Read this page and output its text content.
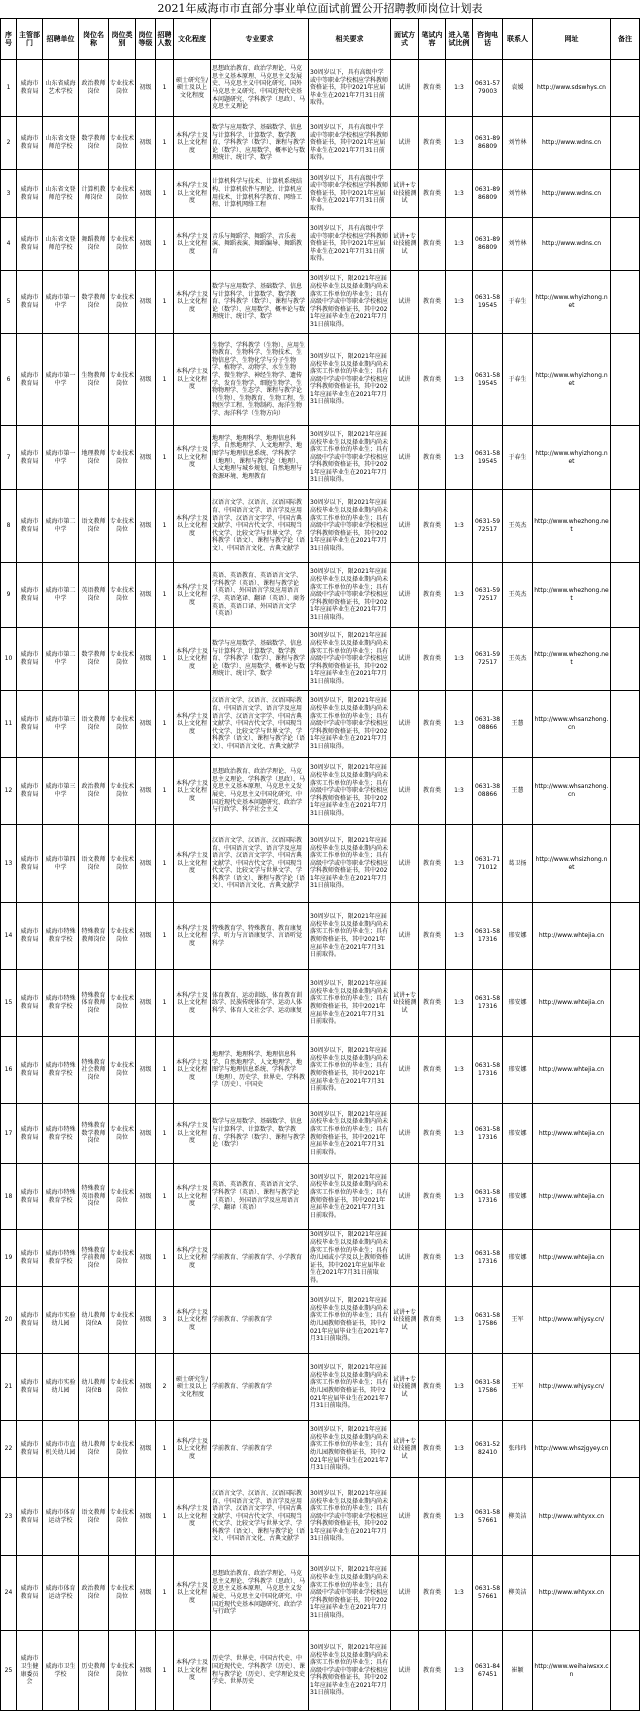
2021年威海市市直部分事业单位面试前置公开招聘教师岗位计划表
序号	主管部门	招聘单位	岗位名称	岗位类别	岗位等级	招聘人数	文化程度	专业要求	相关要求	面试方式	笔试内容	进入笔试比例	咨询电话	联系人	网址	备注

1	威海市教育局	山东省威海艺术学校	政治教师岗位	专业技术岗位	初级	1	硕士研究生/硕士及以上文化程度	思想政治教育、政治学理论、马克思主义基本原理、马克思主义发展史、马克思主义中国化研究、国外马克思主义研究、中国近现代史基本问题研究、学科教学（思政）、马克思主义理论	30周岁以下，具有高级中学或中等职业学校相应学科教师资格证书，其中2021年应届毕业生在2021年7月31日前取得。	试讲	教育类	1:3	0631-5779003	袁媛	http://www.sdswhys.cn	

2	威海市教育局	山东省文登师范学校	数学教师岗位	专业技术岗位	初级	1	本科/学士及以上文化程度	数学与应用数学、基础数学、信息与计算科学、计算数学、数学教育、学科教学（数学）、课程与教学论（数学）、应用数学、概率论与数理统计、统计学、数学	30周岁以下，具有高级中学或中等职业学校相应学科教师资格证书，其中2021年应届毕业生在2021年7月31日前取得。	试讲	教育类	1:3	0631-8986809	刘竹林	http://www.wdns.cn	

3	威海市教育局	山东省文登师范学校	计算机教师岗位	专业技术岗位	初级	1	本科/学士及以上文化程度	计算机科学与技术、计算机系统结构、计算机软件与理论、计算机应用技术、计算机科学教育、网络工程、计算机网络工程	30周岁以下，具有高级中学或中等职业学校相应学科教师资格证书，其中2021年应届毕业生在2021年7月31日前取得。	试讲+专业技能测试	教育类	1:3	0631-8986809	刘竹林	http://www.wdns.cn	

4	威海市教育局	山东省文登师范学校	舞蹈教师岗位	专业技术岗位	初级	1	本科/学士及以上文化程度	音乐与舞蹈学、舞蹈学、音乐表演、舞蹈表演、舞蹈编导、舞蹈教育	30周岁以下，具有高级中学或中等职业学校相应学科教师资格证书，其中2021年应届毕业生在2021年7月31日前取得。	试讲+专业技能测试	教育类	1:3	0631-8986809	刘竹林	http://www.wdns.cn	

5	威海市教育局	威海市第一中学	数学教师岗位	专业技术岗位	初级	1	本科/学士及以上文化程度	数学与应用数学、基础数学、信息与计算科学、计算数学、数学教育、学科教学（数学）、课程与教学论（数学）、应用数学、概率论与数理统计、统计学、数学	30周岁以下，限2021年应届高校毕业生以及择业期内尚未落实工作单位的毕业生；具有高级中学或中等职业学校相应学科教师资格证书，其中2021年应届毕业生在2021年7月31日前取得。	试讲	教育类	1:3	0631-5819545	于春生	http://www.whyizhong.net	

6	威海市教育局	威海市第一中学	生物教师岗位	专业技术岗位	初级	1	本科/学士及以上文化程度	生物学、学科教学（生物）、应用生物教育、生物科学、生物技术、生物信息学、生物化学与分子生物学、植物学、动物学、水生生物学、微生物学、神经生物学、遗传学、发育生物学、细胞生物学、生物物理学、生态学、课程与教学论（生物）、生物教育、生物工程、生物医学工程、生物制药、海洋生物学、海洋科学（生物方向）	30周岁以下，限2021年应届高校毕业生以及择业期内尚未落实工作单位的毕业生；具有高级中学或中等职业学校相应学科教师资格证书，其中2021年应届毕业生在2021年7月31日前取得。	试讲	教育类	1:3	0631-5819545	于春生	http://www.whyizhong.net	

7	威海市教育局	威海市第一中学	地理教师岗位	专业技术岗位	初级	1	本科/学士及以上文化程度	地理学、地理科学、地理信息科学、自然地理学、人文地理学、地图学与地理信息系统、学科教学（地理）、课程与教学论（地理）、人文地理与城乡规划、自然地理与资源环境、地理教育	30周岁以下，限2021年应届高校毕业生以及择业期内尚未落实工作单位的毕业生；具有高级中学或中等职业学校相应学科教师资格证书，其中2021年应届毕业生在2021年7月31日前取得。	试讲	教育类	1:3	0631-5819545	于春生	http://www.whyizhong.net	

8	威海市教育局	威海市第二中学	语文教师岗位	专业技术岗位	初级	1	本科/学士及以上文化程度	汉语言文学、汉语言、汉语国际教育、中国语言文学、语言学及应用语言学、汉语言文字学、中国古典文献学、中国古代文学、中国现当代文学、比较文学与世界文学、学科教学（语文）、课程与教学论（语文）、中国语言文化、古典文献学	30周岁以下，限2021年应届高校毕业生以及择业期内尚未落实工作单位的毕业生；具有高级中学或中等职业学校相应学科教师资格证书，其中2021年应届毕业生在2021年7月31日前取得。	试讲	教育类	1:3	0631-5972517	王英杰	http://www.whezhong.net	

9	威海市教育局	威海市第二中学	英语教师岗位	专业技术岗位	初级	1	本科/学士及以上文化程度	英语、英语教育、英语语言文学、学科教学（英语）、课程与教学论（英语）、外国语言学及应用语言学、英语笔译、翻译（英语）、商务英语、英语口译、外国语言文学（英语）	30周岁以下，限2021年应届高校毕业生以及择业期内尚未落实工作单位的毕业生；具有高级中学或中等职业学校相应学科教师资格证书，其中2021年应届毕业生在2021年7月31日前取得。	试讲	教育类	1:3	0631-5972517	王英杰	http://www.whezhong.net	

10	威海市教育局	威海市第二中学	数学教师岗位	专业技术岗位	初级	1	本科/学士及以上文化程度	数学与应用数学、基础数学、信息与计算科学、计算数学、数学教育、学科教学（数学）、课程与教学论（数学）、应用数学、概率论与数理统计、统计学、数学	30周岁以下，限2021年应届高校毕业生以及择业期内尚未落实工作单位的毕业生；具有高级中学或中等职业学校相应学科教师资格证书，其中2021年应届毕业生在2021年7月31日前取得。	试讲	教育类	1:3	0631-5972517	王英杰	http://www.whezhong.net	

11	威海市教育局	威海市第三中学	语文教师岗位	专业技术岗位	初级	1	本科/学士及以上文化程度	汉语言文学、汉语言、汉语国际教育、中国语言文学、语言学及应用语言学、汉语言文字学、中国古典文献学、中国古代文学、中国现当代文学、比较文学与世界文学、学科教学（语文）、课程与教学论（语文）、中国语言文化、古典文献学	30周岁以下，限2021年应届高校毕业生以及择业期内尚未落实工作单位的毕业生；具有高级中学或中等职业学校相应学科教师资格证书，其中2021年应届毕业生在2021年7月31日前取得。	试讲	教育类	1:3	0631-3808866	王慧	http://www.whsanzhong.cn	

12	威海市教育局	威海市第三中学	政治教师岗位	专业技术岗位	初级	1	本科/学士及以上文化程度	思想政治教育、政治学理论、马克思主义理论、学科教学（思政）、马克思主义基本原理、马克思主义发展史、马克思主义中国化研究、中国近现代史基本问题研究、政治学与行政学、科学社会主义	30周岁以下，限2021年应届高校毕业生以及择业期内尚未落实工作单位的毕业生；具有高级中学或中等职业学校相应学科教师资格证书，其中2021年应届毕业生在2021年7月31日前取得。	试讲	教育类	1:3	0631-3808866	王慧	http://www.whsanzhong.cn	

13	威海市教育局	威海市第四中学	语文教师岗位	专业技术岗位	初级	1	本科/学士及以上文化程度	汉语言文学、汉语言、汉语国际教育、中国语言文学、语言学及应用语言学、汉语言文字学、中国古典文献学、中国古代文学、中国现当代文学、比较文学与世界文学、学科教学（语文）、课程与教学论（语文）、中国语言文化、古典文献学	30周岁以下，限2021年应届高校毕业生以及择业期内尚未落实工作单位的毕业生；具有高级中学或中等职业学校相应学科教师资格证书，其中2021年应届毕业生在2021年7月31日前取得。	试讲	教育类	1:3	0631-7171012	葛卫扬	http://www.whsizhong.net	

14	威海市教育局	威海市特殊教育学校	特殊教育教师岗位	专业技术岗位	初级	1	本科/学士及以上文化程度	特殊教育学、特殊教育、教育康复学、听力与言语康复学、言语听觉科学	30周岁以下，限2021年应届高校毕业生以及择业期内尚未落实工作单位的毕业生；具有教师资格证书，其中2021年应届毕业生在2021年7月31日前取得。	试讲	教育类	1:3	0631-5817316	邢安娜	http://www.whtejia.cn	

15	威海市教育局	威海市特殊教育学校	特殊教育体育教师岗位	专业技术岗位	初级	1	本科/学士及以上文化程度	体育教育、运动训练、体育教育训练学、民族传统体育学、运动人体科学、体育人文社会学、运动康复	30周岁以下，限2021年应届高校毕业生以及择业期内尚未落实工作单位的毕业生；具有教师资格证书，其中2021年应届毕业生在2021年7月31日前取得。	试讲+专业技能测试	教育类	1:3	0631-5817316	邢安娜	http://www.whtejia.cn	

16	威海市教育局	威海市特殊教育学校	特殊教育社会教师岗位	专业技术岗位	初级	1	本科/学士及以上文化程度	地理学、地理科学、地理信息科学、自然地理学、人文地理学、地图学与地理信息系统、学科教学（地理）、历史学、世界史、学科教学（历史）、中国史	30周岁以下，限2021年应届高校毕业生以及择业期内尚未落实工作单位的毕业生；具有教师资格证书，其中2021年应届毕业生在2021年7月31日前取得。	试讲	教育类	1:3	0631-5817316	邢安娜	http://www.whtejia.cn	

17	威海市教育局	威海市特殊教育学校	特殊教育数学教师岗位	专业技术岗位	初级	1	本科/学士及以上文化程度	数学与应用数学、基础数学、信息与计算科学、计算数学、数学教育、学科教学（数学）、课程与教学论（数学）	30周岁以下，限2021年应届高校毕业生以及择业期内尚未落实工作单位的毕业生；具有教师资格证书，其中2021年应届毕业生在2021年7月31日前取得。	试讲	教育类	1:3	0631-5817316	邢安娜	http://www.whtejia.cn	

18	威海市教育局	威海市特殊教育学校	特殊教育英语教师岗位	专业技术岗位	初级	1	本科/学士及以上文化程度	英语、英语教育、英语语言文学、学科教学（英语）、课程与教学论（英语）、外国语言学及应用语言学、翻译（英语）	30周岁以下，限2021年应届高校毕业生以及择业期内尚未落实工作单位的毕业生；具有教师资格证书，其中2021年应届毕业生在2021年7月31日前取得。	试讲	教育类	1:3	0631-5817316	邢安娜	http://www.whtejia.cn	

19	威海市教育局	威海市特殊教育学校	特殊教育学前教师岗位	专业技术岗位	初级	1	本科/学士及以上文化程度	学前教育、学前教育学、小学教育	30周岁以下，限2021年应届高校毕业生以及择业期内尚未落实工作单位的毕业生；具有幼儿园或小学及以上教师资格证书，其中2021年应届毕业生在2021年7月31日前取得。	试讲	教育类	1:3	0631-5817316	邢安娜	http://www.whtejia.cn	

20	威海市教育局	威海市实验幼儿园	幼儿教师岗位A	专业技术岗位	初级	3	本科/学士及以上文化程度	学前教育、学前教育学	30周岁以下，限2021年应届高校毕业生以及择业期内尚未落实工作单位的毕业生；具有幼儿园教师资格证书，其中2021年应届毕业生在2021年7月31日前取得。	试讲+专业技能测试	教育类	1:3	0631-5817586	王军	http://www.whjysy.cn/	

21	威海市教育局	威海市实验幼儿园	幼儿教师岗位B	专业技术岗位	初级	2	硕士研究生/硕士及以上文化程度	学前教育、学前教育学	30周岁以下，限2021年应届高校毕业生以及择业期内尚未落实工作单位的毕业生；具有幼儿园教师资格证书，其中2021年应届毕业生在2021年7月31日前取得。	试讲+专业技能测试	教育类	1:3	0631-5817586	王军	http://www.whjysy.cn/	

22	威海市教育局	威海市市直机关幼儿园	幼儿教师岗位	专业技术岗位	初级	1	本科/学士及以上文化程度	学前教育、学前教育学	30周岁以下，限2021年应届高校毕业生以及择业期内尚未落实工作单位的毕业生；具有幼儿园教师资格证书，其中2021年应届毕业生在2021年7月31日前取得。	试讲+专业技能测试	教育类	1:3	0631-5282410	张玮玮	http://www.whszjgyey.cn	

23	威海市教育局	威海市体育运动学校	语文教师岗位	专业技术岗位	初级	1	本科/学士及以上文化程度	汉语言文学、汉语言、汉语国际教育、中国语言文学、语言学及应用语言学、汉语言文字学、中国古典文献学、中国古代文学、中国现当代文学、比较文学与世界文学、学科教学（语文）、课程与教学论（语文）、中国语言文化、古典文献学	30周岁以下，限2021年应届高校毕业生以及择业期内尚未落实工作单位的毕业生；具有高级中学或中等职业学校相应学科教师资格证书，其中2021年应届毕业生在2021年7月31日前取得。	试讲	教育类	1:3	0631-5857661	柳美洁	http://www.whtyxx.cn	

24	威海市教育局	威海市体育运动学校	政治教师岗位	专业技术岗位	初级	1	本科/学士及以上文化程度	思想政治教育、政治学理论、马克思主义理论、学科教学（思政）、马克思主义基本原理、马克思主义发展史、马克思主义中国化研究、中国近现代史基本问题研究、政治学与行政学	30周岁以下，限2021年应届高校毕业生以及择业期内尚未落实工作单位的毕业生；具有高级中学或中等职业学校相应学科教师资格证书，其中2021年应届毕业生在2021年7月31日前取得。	试讲	教育类	1:3	0631-5857661	柳美洁	http://www.whtyxx.cn	

25	威海市卫生健康委员会	威海市卫生学校	历史教师岗位	专业技术岗位	初级	1	本科/学士及以上文化程度	历史学、世界史、中国古代史、中国近现代史、学科教学（历史）、课程与教学论（历史）、史学理论及史学史、世界历史	30周岁以下，限2021年应届高校毕业生以及择业期内尚未落实工作单位的毕业生；具有高级中学或中等职业学校相应学科教师资格证书，其中2021年应届毕业生在2021年7月31日前取得。	试讲	教育类	1:3	0631-8467451	崔颖	http://www.weihaiwsxx.cn	
